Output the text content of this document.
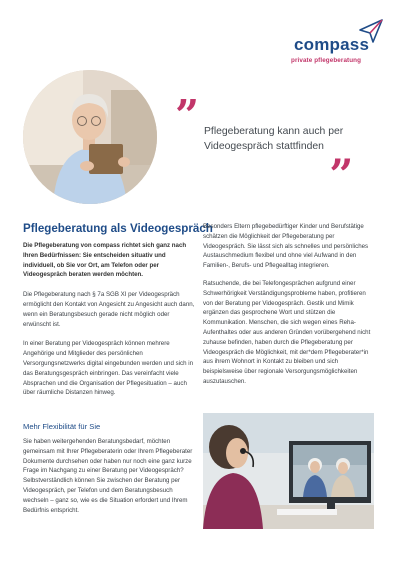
compass
private pflegeberatung
” Pflegeberatung kann auch per Videogespräch stattfinden „
Pflegeberatung als Videogespräch

Die Pflegeberatung von compass richtet sich ganz nach Ihren Bedürfnissen: Sie entscheiden situativ und individuell, ob Sie vor Ort, am Telefon oder per Videogespräch beraten werden möchten.

Die Pflegeberatung nach § 7a SGB XI per Videogespräch ermöglicht den Kontakt von Angesicht zu Angesicht auch dann, wenn ein Beratungsbesuch gerade nicht möglich oder erwünscht ist.

In einer Beratung per Videogespräch können mehrere Angehörige und Mitglieder des persönlichen Versorgungsnetzwerks digital eingebunden werden und sich in das Beratungsgespräch einbringen. Das vereinfacht viele Absprachen und die Organisation der Pflegesituation – auch über räumliche Distanzen hinweg.

Mehr Flexibilität für Sie

Sie haben weitergehenden Beratungsbedarf, möchten gemeinsam mit Ihrer Pflegeberaterin oder Ihrem Pflegeberater Dokumente durchsehen oder haben nur noch eine ganz kurze Frage im Nachgang zu einer Beratung per Videogespräch? Selbstverständlich können Sie zwischen der Beratung per Videogespräch, per Telefon und dem Beratungsbesuch wechseln – ganz so, wie es die Situation erfordert und Ihrem Bedürfnis entspricht.

Besonders Eltern pflegebedürftiger Kinder und Berufstätige schätzen die Möglichkeit der Pflegeberatung per Videogespräch. Sie lässt sich als schnelles und persönliches Austauschmedium flexibel und ohne viel Aufwand in den Familien-, Berufs- und Pflegealltag integrieren.

Ratsuchende, die bei Telefongesprächen aufgrund einer Schwerhörigkeit Verständigungsprobleme haben, profitieren von der Beratung per Videogespräch. Gestik und Mimik ergänzen das gesprochene Wort und stützen die Kommunikation. Menschen, die sich wegen eines Reha-Aufenthaltes oder aus anderen Gründen vorübergehend nicht zuhause befinden, haben durch die Pflegeberatung per Videogespräch die Möglichkeit, mit der*dem Pflegeberater*in aus ihrem Wohnort in Kontakt zu bleiben und sich beispielsweise über regionale Versorgungsmöglichkeiten auszutauschen.
